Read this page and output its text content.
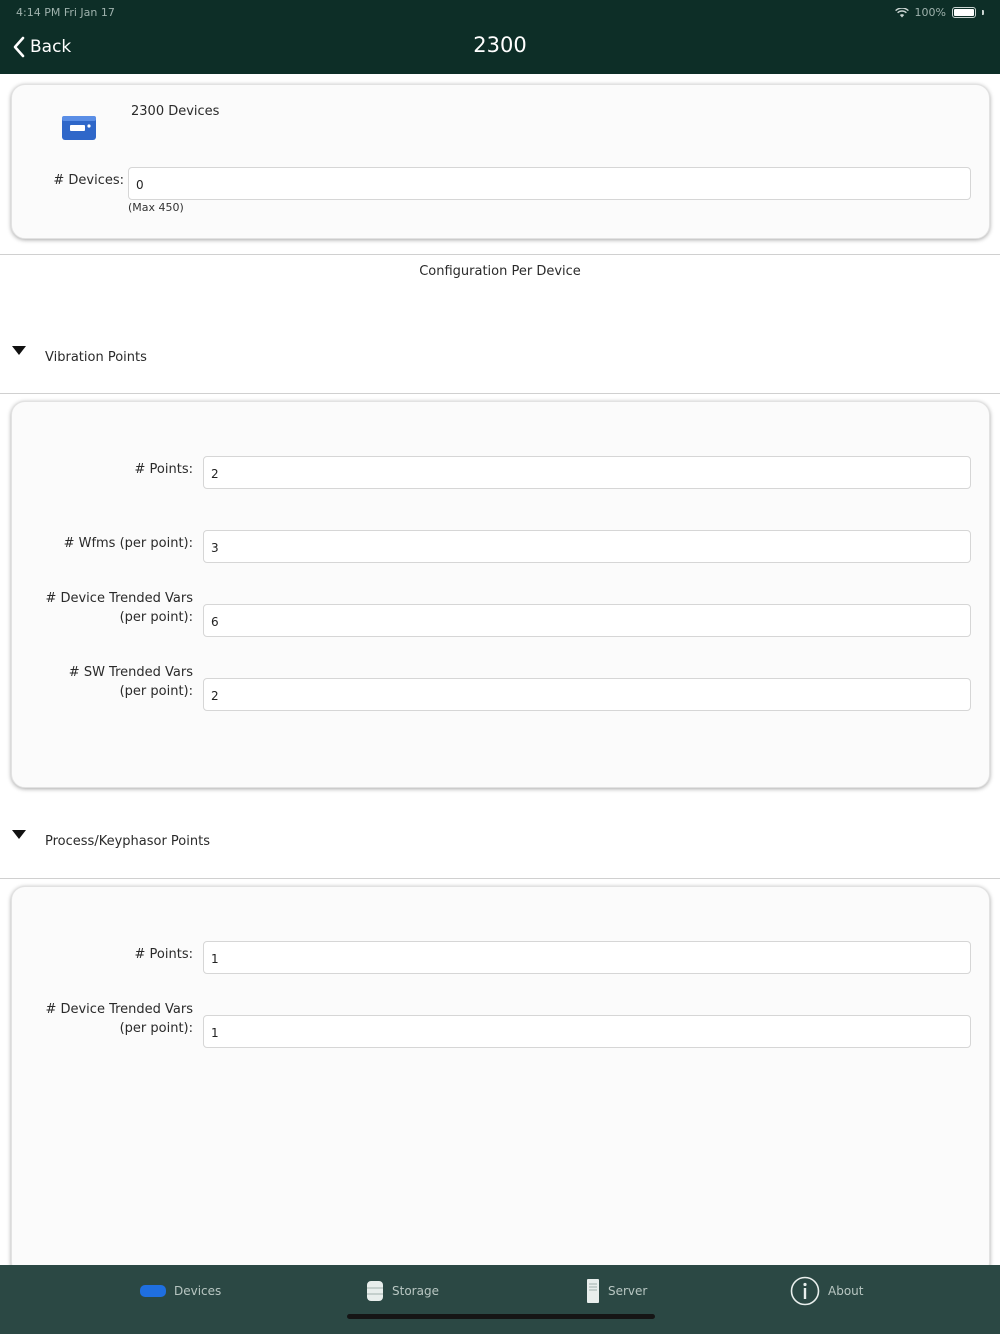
4:14 PM Fri Jan 17	100%
Back	2300
2300 Devices
# Devices:	0
(Max 450)
Configuration Per Device
Vibration Points
# Points:	2
# Wfms (per point):	3
# Device Trended Vars
(per point):	6
# SW Trended Vars
(per point):	2
Process/Keyphasor Points
# Points:	1
# Device Trended Vars
(per point):	1
Devices	Storage	Server	About
